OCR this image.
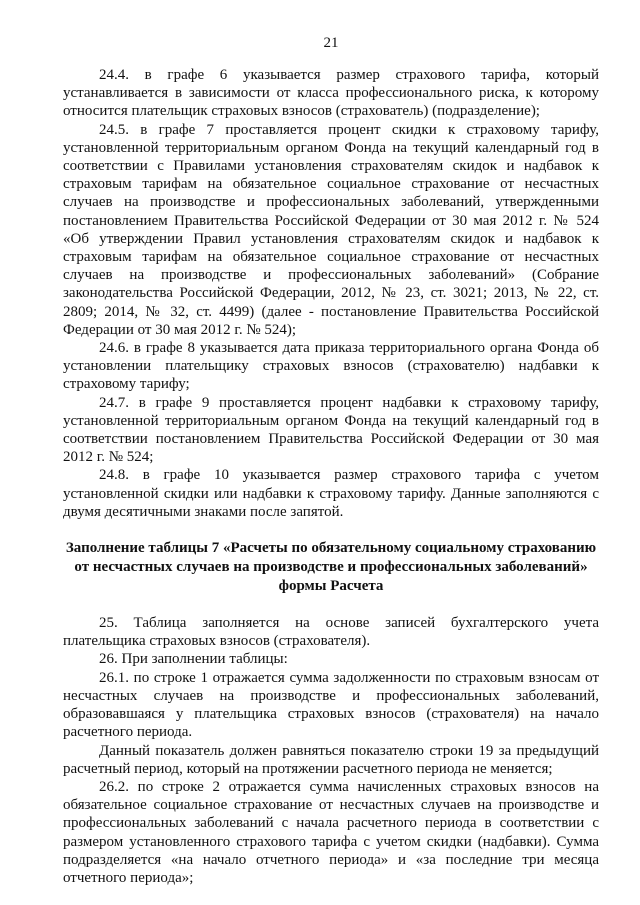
21

24.4. в графе 6 указывается размер страхового тарифа, который устанавливается в зависимости от класса профессионального риска, к которому относится плательщик страховых взносов (страхователь) (подразделение);

24.5. в графе 7 проставляется процент скидки к страховому тарифу, установленной территориальным органом Фонда на текущий календарный год в соответствии с Правилами установления страхователям скидок и надбавок к страховым тарифам на обязательное социальное страхование от несчастных случаев на производстве и профессиональных заболеваний, утвержденными постановлением Правительства Российской Федерации от 30 мая 2012 г. № 524 «Об утверждении Правил установления страхователям скидок и надбавок к страховым тарифам на обязательное социальное страхование от несчастных случаев на производстве и профессиональных заболеваний» (Собрание законодательства Российской Федерации, 2012, № 23, ст. 3021; 2013, № 22, ст. 2809; 2014, № 32, ст. 4499) (далее - постановление Правительства Российской Федерации от 30 мая 2012 г. № 524);

24.6. в графе 8 указывается дата приказа территориального органа Фонда об установлении плательщику страховых взносов (страхователю) надбавки к страховому тарифу;

24.7. в графе 9 проставляется процент надбавки к страховому тарифу, установленной территориальным органом Фонда на текущий календарный год в соответствии постановлением Правительства Российской Федерации от 30 мая 2012 г. № 524;

24.8. в графе 10 указывается размер страхового тарифа с учетом установленной скидки или надбавки к страховому тарифу. Данные заполняются с двумя десятичными знаками после запятой.

Заполнение таблицы 7 «Расчеты по обязательному социальному страхованию от несчастных случаев на производстве и профессиональных заболеваний» формы Расчета

25. Таблица заполняется на основе записей бухгалтерского учета плательщика страховых взносов (страхователя).

26. При заполнении таблицы:

26.1. по строке 1 отражается сумма задолженности по страховым взносам от несчастных случаев на производстве и профессиональных заболеваний, образовавшаяся у плательщика страховых взносов (страхователя) на начало расчетного периода.

Данный показатель должен равняться показателю строки 19 за предыдущий расчетный период, который на протяжении расчетного периода не меняется;

26.2. по строке 2 отражается сумма начисленных страховых взносов на обязательное социальное страхование от несчастных случаев на производстве и профессиональных заболеваний с начала расчетного периода в соответствии с размером установленного страхового тарифа с учетом скидки (надбавки). Сумма подразделяется «на начало отчетного периода» и «за последние три месяца отчетного периода»;
